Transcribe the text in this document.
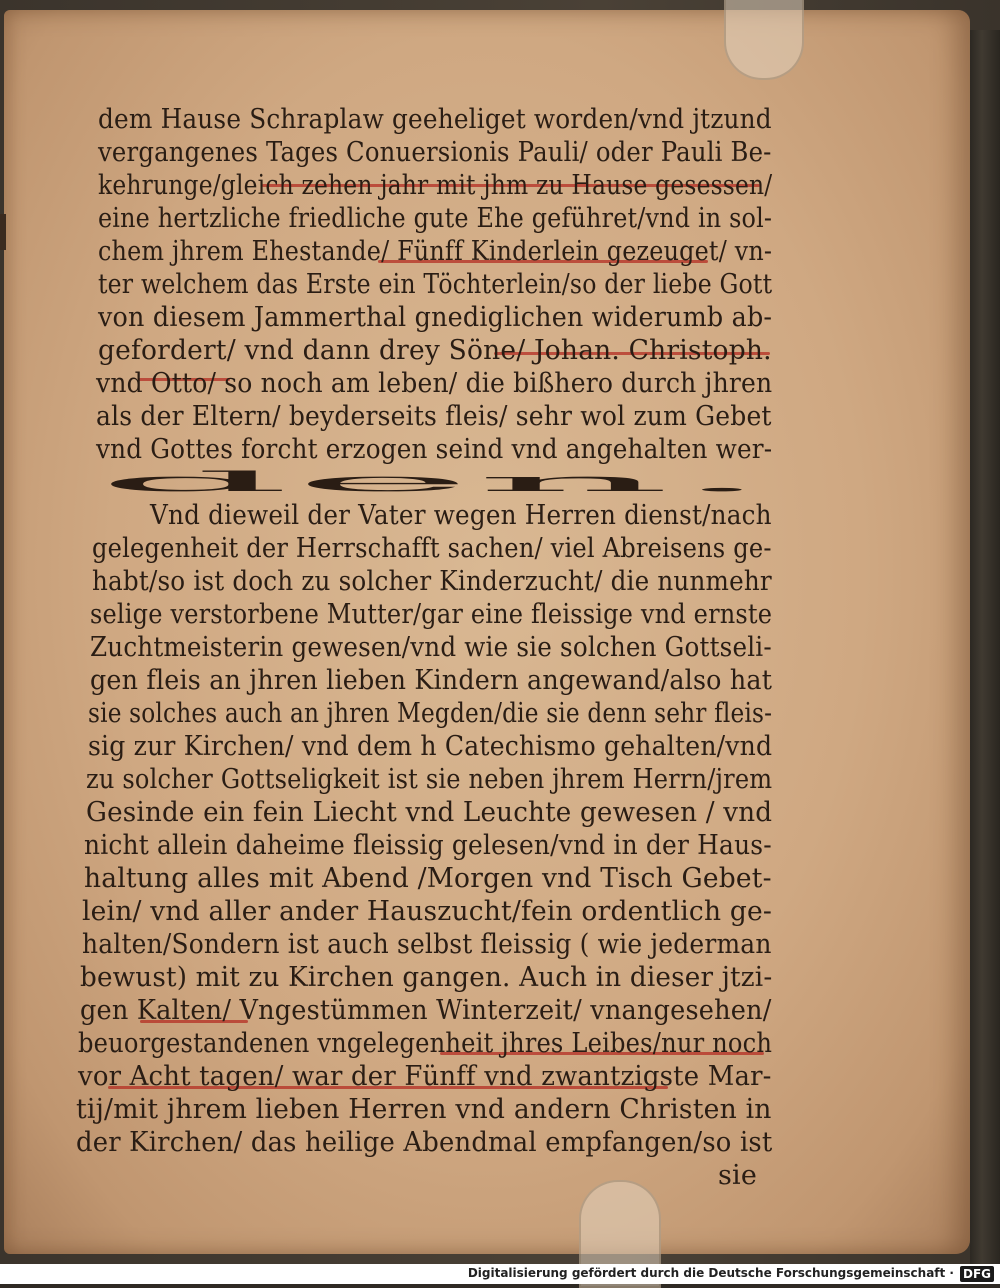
dem Hause Schraplaw geeheliget worden/vnd jtzund
vergangenes Tages Conuersionis Pauli/ oder Pauli Be-
kehrunge/gleich zehen jahr mit jhm zu Hause gesessen/
eine hertzliche friedliche gute Ehe geführet/vnd in sol-
chem jhrem Ehestande/ Fünff Kinderlein gezeuget/ vn-
ter welchem das Erste ein Töchterlein/so der liebe Gott
von diesem Jammerthal gnediglichen widerumb ab-
gefordert/ vnd dann drey Söne/ Johan. Christoph.
vnd Otto/ so noch am leben/ die bißhero durch jhren
als der Eltern/ beyderseits fleis/ sehr wol zum Gebet
vnd Gottes forcht erzogen seind vnd angehalten wer-
den.
Vnd dieweil der Vater wegen Herren dienst/nach
gelegenheit der Herrschafft sachen/ viel Abreisens ge-
habt/so ist doch zu solcher Kinderzucht/ die nunmehr
selige verstorbene Mutter/gar eine fleissige vnd ernste
Zuchtmeisterin gewesen/vnd wie sie solchen Gottseli-
gen fleis an jhren lieben Kindern angewand/also hat
sie solches auch an jhren Megden/die sie denn sehr fleis-
sig zur Kirchen/ vnd dem h Catechismo gehalten/vnd
zu solcher Gottseligkeit ist sie neben jhrem Herrn/jrem
Gesinde ein fein Liecht vnd Leuchte gewesen / vnd
nicht allein daheime fleissig gelesen/vnd in der Haus-
haltung alles mit Abend /Morgen vnd Tisch Gebet-
lein/ vnd aller ander Hauszucht/fein ordentlich ge-
halten/Sondern ist auch selbst fleissig ( wie jederman
bewust) mit zu Kirchen gangen. Auch in dieser jtzi-
gen Kalten/ Vngestümmen Winterzeit/ vnangesehen/
beuorgestandenen vngelegenheit jhres Leibes/nur noch
vor Acht tagen/ war der Fünff vnd zwantzigste Mar-
tij/mit jhrem lieben Herren vnd andern Christen in
der Kirchen/ das heilige Abendmal empfangen/so ist
sie
Digitalisierung gefördert durch die Deutsche Forschungsgemeinschaft · DFG
